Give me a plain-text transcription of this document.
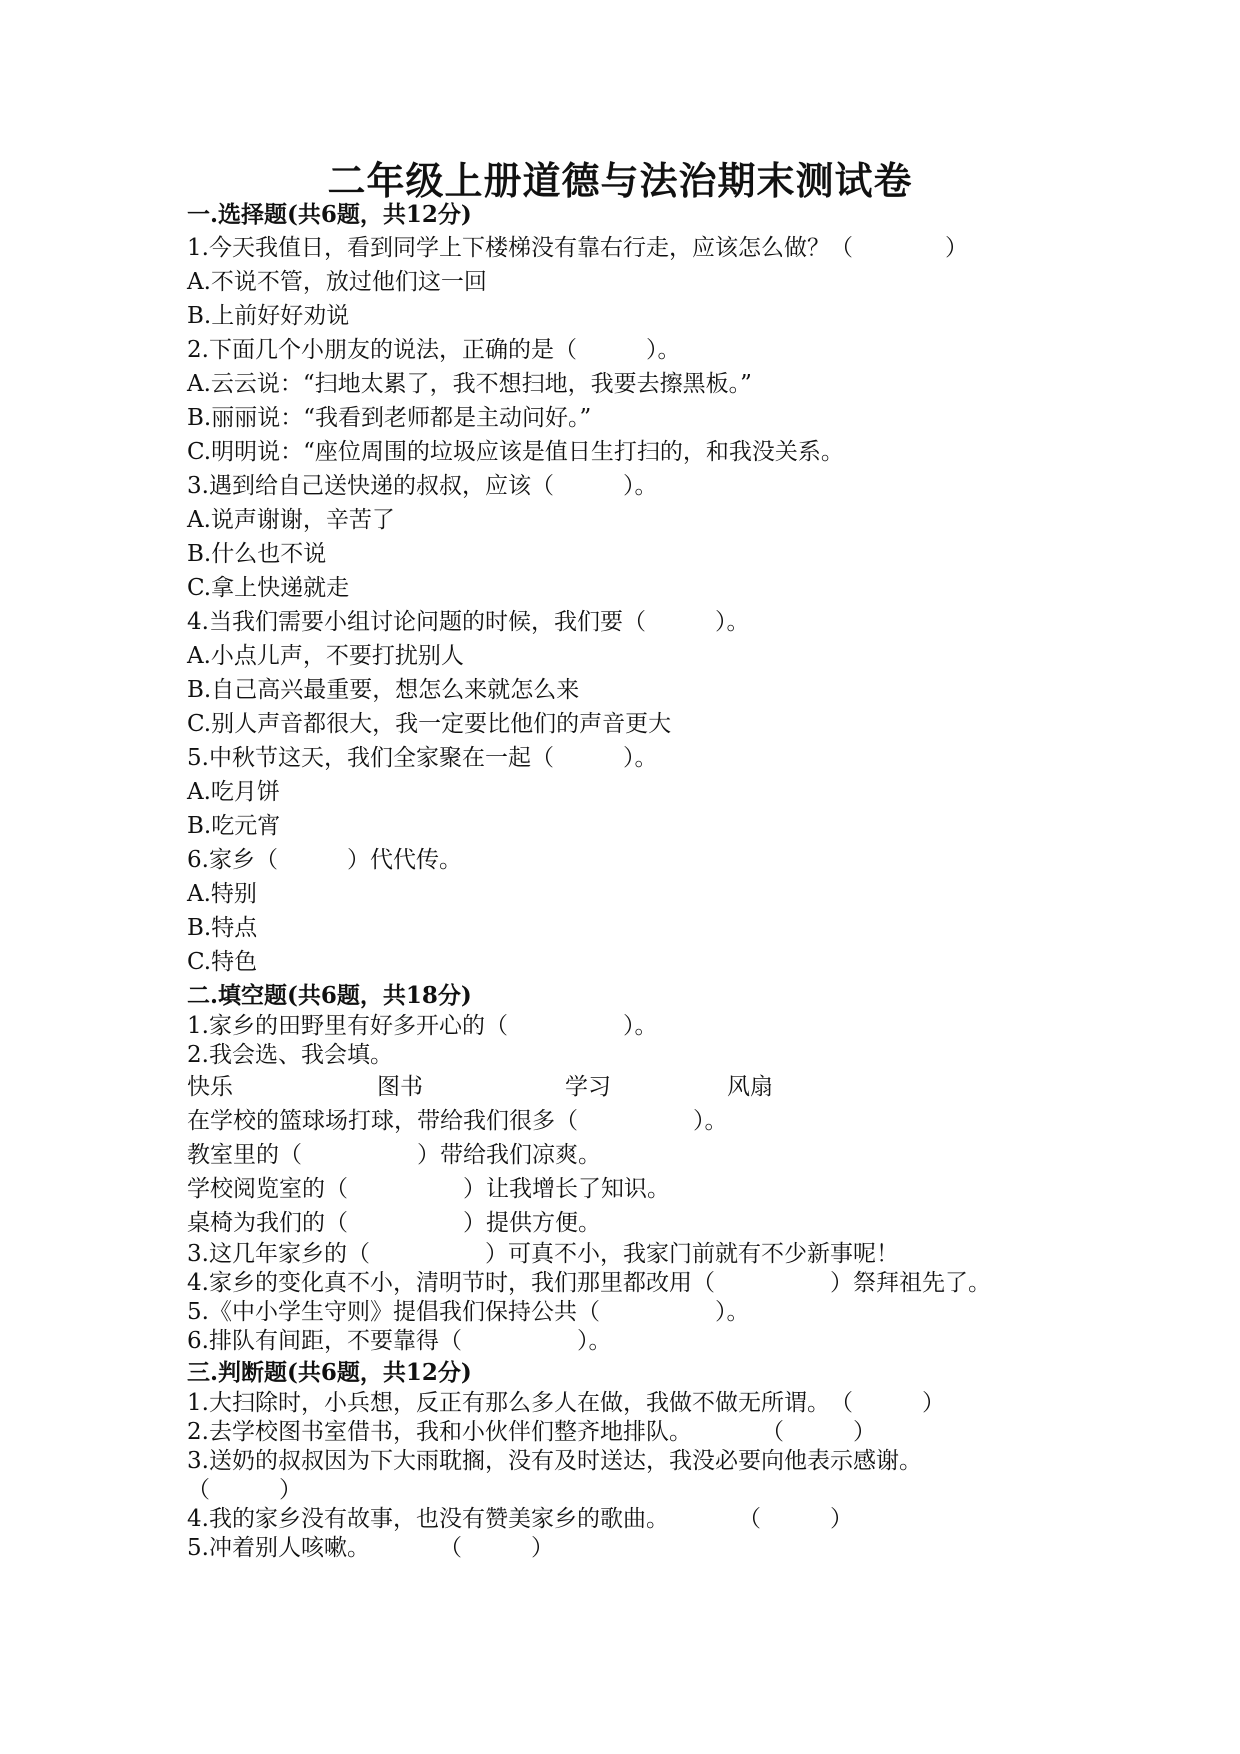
二年级上册道德与法治期末测试卷
一.选择题(共6题，共12分)
1.今天我值日，看到同学上下楼梯没有靠右行走，应该怎么做？（　　　　）
A.不说不管，放过他们这一回
B.上前好好劝说
2.下面几个小朋友的说法，正确的是（　　　）。
A.云云说：“扫地太累了，我不想扫地，我要去擦黑板。”
B.丽丽说：“我看到老师都是主动问好。”
C.明明说：“座位周围的垃圾应该是值日生打扫的，和我没关系。
3.遇到给自己送快递的叔叔，应该（　　　）。
A.说声谢谢，辛苦了
B.什么也不说
C.拿上快递就走
4.当我们需要小组讨论问题的时候，我们要（　　　）。
A.小点儿声，不要打扰别人
B.自己高兴最重要，想怎么来就怎么来
C.别人声音都很大，我一定要比他们的声音更大
5.中秋节这天，我们全家聚在一起（　　　）。
A.吃月饼
B.吃元宵
6.家乡（　　　）代代传。
A.特别
B.特点
C.特色
二.填空题(共6题，共18分)
1.家乡的田野里有好多开心的（　　　　　）。
2.我会选、我会填。
快乐	图书	学习	风扇
在学校的篮球场打球，带给我们很多（　　　　　）。
教室里的（　　　　　）带给我们凉爽。
学校阅览室的（　　　　　）让我增长了知识。
桌椅为我们的（　　　　　）提供方便。
3.这几年家乡的（　　　　　）可真不小，我家门前就有不少新事呢！
4.家乡的变化真不小，清明节时，我们那里都改用（　　　　　）祭拜祖先了。
5.《中小学生守则》提倡我们保持公共（　　　　　）。
6.排队有间距，不要靠得（　　　　　）。
三.判断题(共6题，共12分)
1.大扫除时，小兵想，反正有那么多人在做，我做不做无所谓。　（　　　）
2.去学校图书室借书，我和小伙伴们整齐地排队。　　　　（　　　）
3.送奶的叔叔因为下大雨耽搁，没有及时送达，我没必要向他表示感谢。
（　　　）
4.我的家乡没有故事，也没有赞美家乡的歌曲。　　　　（　　　）
5.冲着别人咳嗽。　　　　（　　　）
